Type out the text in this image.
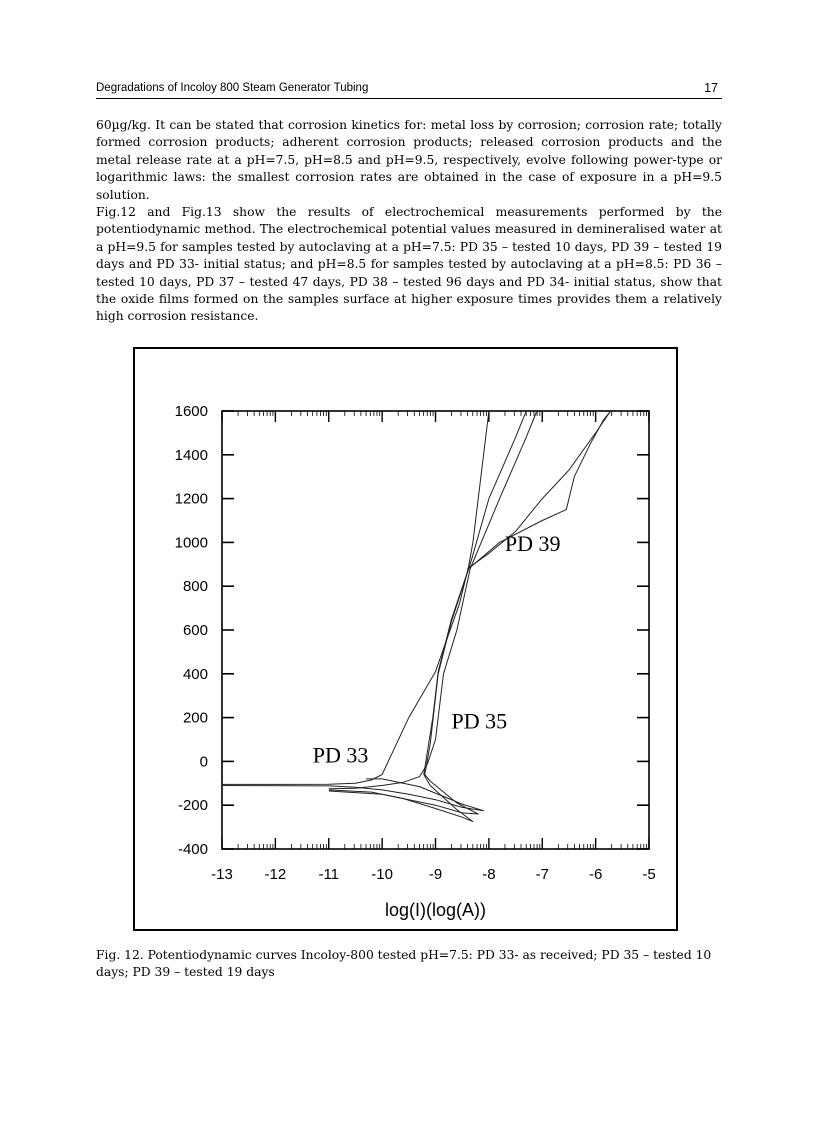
Degradations of Incoloy 800 Steam Generator Tubing	17

60µg/kg. It can be stated that corrosion kinetics for: metal loss by corrosion; corrosion rate; totally formed corrosion products; adherent corrosion products; released corrosion products and the metal release rate at a pH=7.5, pH=8.5 and pH=9.5, respectively, evolve following power-type or logarithmic laws: the smallest corrosion rates are obtained in the case of exposure in a pH=9.5 solution.

Fig.12 and Fig.13 show the results of electrochemical measurements performed by the potentiodynamic method. The electrochemical potential values measured in demineralised water at a pH=9.5 for samples tested by autoclaving at a pH=7.5: PD 35 – tested 10 days, PD 39 – tested 19 days and PD 33- initial status; and pH=8.5 for samples tested by autoclaving at a pH=8.5: PD 36 – tested 10 days, PD 37 – tested 47 days, PD 38 – tested 96 days and PD 34- initial status, show that the oxide films formed on the samples surface at higher exposure times provides them a relatively high corrosion resistance.

-400
-200
0
200
400
600
800
1000
1200
1400
1600
-13 -12 -11 -10 -9	-8	-7	-6	-5
log(I)(log(A))
PD 33
PD 35
PD 39
Fig. 12. Potentiodynamic curves Incoloy-800 tested pH=7.5: PD 33- as received; PD 35 – tested 10 days; PD 39 – tested 19 days
